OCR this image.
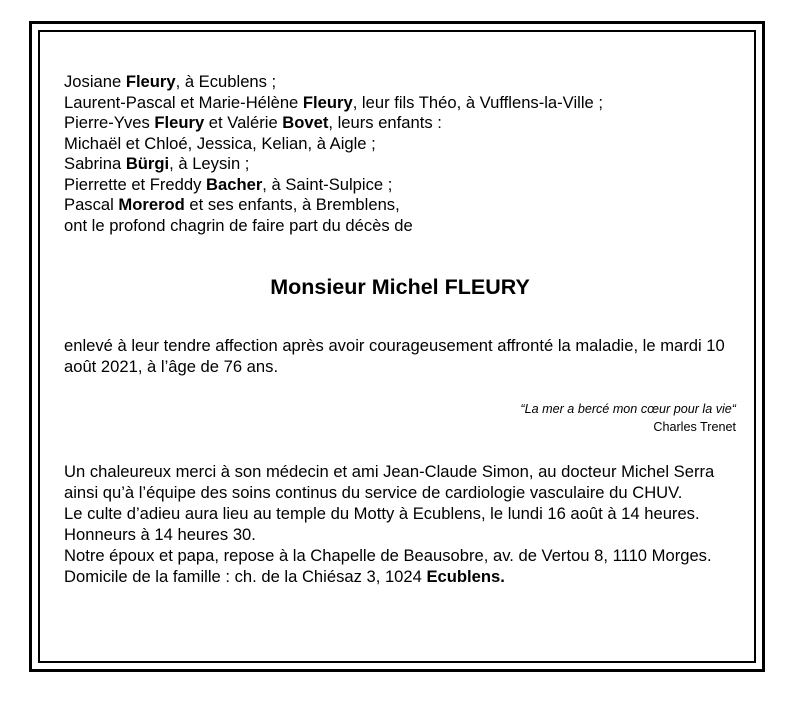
Josiane Fleury, à Ecublens ;
Laurent-Pascal et Marie-Hélène Fleury, leur fils Théo, à Vufflens-la-Ville ;
Pierre-Yves Fleury et Valérie Bovet, leurs enfants :
Michaël et Chloé, Jessica, Kelian, à Aigle ;
Sabrina Bürgi, à Leysin ;
Pierrette et Freddy Bacher, à Saint-Sulpice ;
Pascal Morerod et ses enfants, à Bremblens,
ont le profond chagrin de faire part du décès de
Monsieur Michel FLEURY
enlevé à leur tendre affection après avoir courageusement affronté la maladie, le mardi 10 août 2021, à l’âge de 76 ans.
“La mer a bercé mon cœur pour la vie“
Charles Trenet
Un chaleureux merci à son médecin et ami Jean-Claude Simon, au docteur Michel Serra ainsi qu’à l’équipe des soins continus du service de cardiologie vasculaire du CHUV.
Le culte d’adieu aura lieu au temple du Motty à Ecublens, le lundi 16 août à 14 heures. Honneurs à 14 heures 30.
Notre époux et papa, repose à la Chapelle de Beausobre, av. de Vertou 8, 1110 Morges.
Domicile de la famille : ch. de la Chiésaz 3, 1024 Ecublens.
